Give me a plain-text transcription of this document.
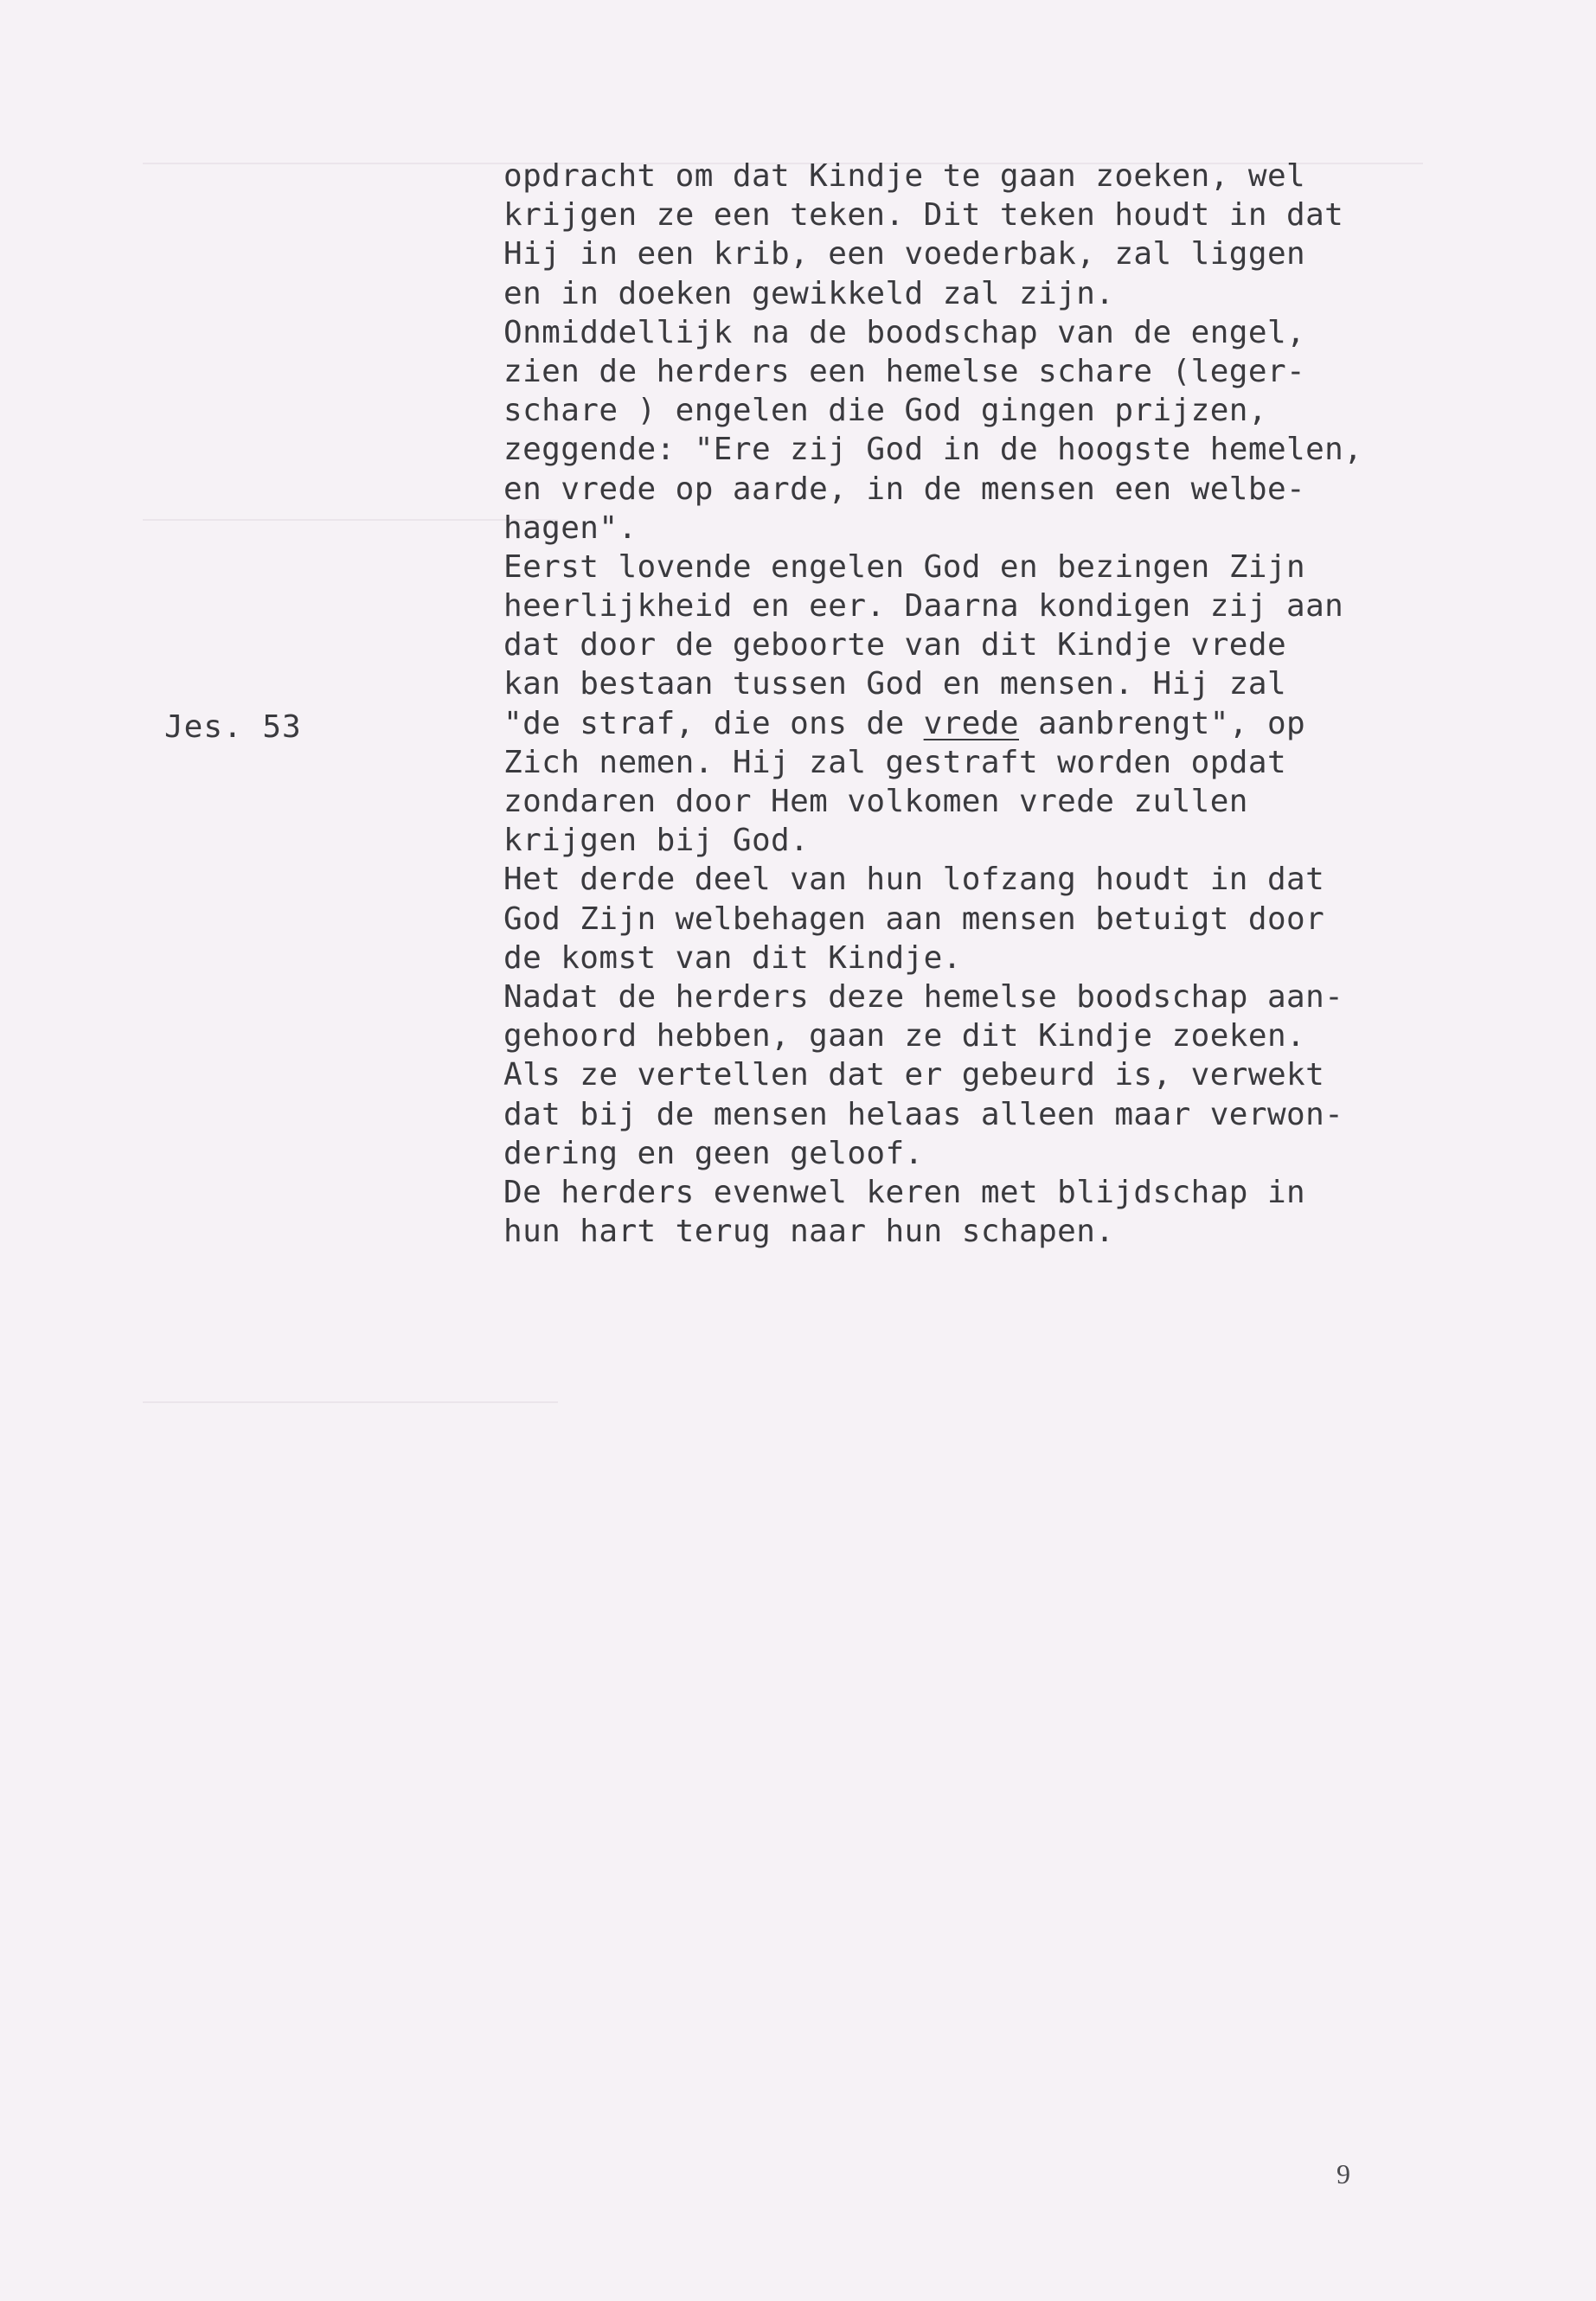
Jes. 53
opdracht om dat Kindje te gaan zoeken, wel
krijgen ze een teken. Dit teken houdt in dat
Hij in een krib, een voederbak, zal liggen
en in doeken gewikkeld zal zijn.
Onmiddellijk na de boodschap van de engel,
zien de herders een hemelse schare (leger-
schare ) engelen die God gingen prijzen,
zeggende: "Ere zij God in de hoogste hemelen,
en vrede op aarde, in de mensen een welbe-
hagen".
Eerst lovende engelen God en bezingen Zijn
heerlijkheid en eer. Daarna kondigen zij aan
dat door de geboorte van dit Kindje vrede
kan bestaan tussen God en mensen. Hij zal
"de straf, die ons de vrede aanbrengt", op
Zich nemen. Hij zal gestraft worden opdat
zondaren door Hem volkomen vrede zullen
krijgen bij God.
Het derde deel van hun lofzang houdt in dat
God Zijn welbehagen aan mensen betuigt door
de komst van dit Kindje.
Nadat de herders deze hemelse boodschap aan-
gehoord hebben, gaan ze dit Kindje zoeken.
Als ze vertellen dat er gebeurd is, verwekt
dat bij de mensen helaas alleen maar verwon-
dering en geen geloof.
De herders evenwel keren met blijdschap in
hun hart terug naar hun schapen.
9
